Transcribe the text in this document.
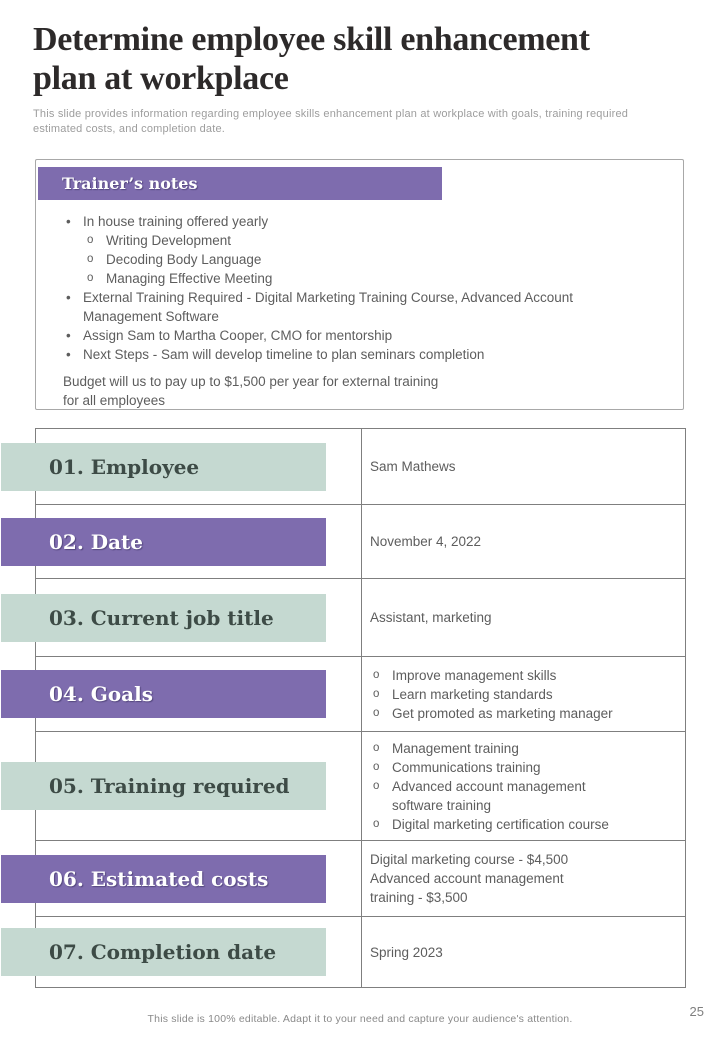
Determine employee skill enhancement
plan at workplace
This slide provides information regarding employee skills enhancement plan at workplace with goals, training required
estimated costs, and completion date.
Trainer’s notes
• In house training offered yearly
o Writing Development
o Decoding Body Language
o Managing Effective Meeting
• External Training Required - Digital Marketing Training Course, Advanced Account Management Software
• Assign Sam to Martha Cooper, CMO for mentorship
• Next Steps - Sam will develop timeline to plan seminars completion
Budget will us to pay up to $1,500 per year for external training
for all employees
01. Employee	Sam Mathews
02. Date	November 4, 2022
03. Current job title	Assistant, marketing
04. Goals
o Improve management skills
o Learn marketing standards
o Get promoted as marketing manager
05. Training required
o Management training
o Communications training
o Advanced account management
software training
o Digital marketing certification course
06. Estimated costs
Digital marketing course - $4,500
Advanced account management
training - $3,500
07. Completion date	Spring 2023
This slide is 100% editable. Adapt it to your need and capture your audience's attention.	25
